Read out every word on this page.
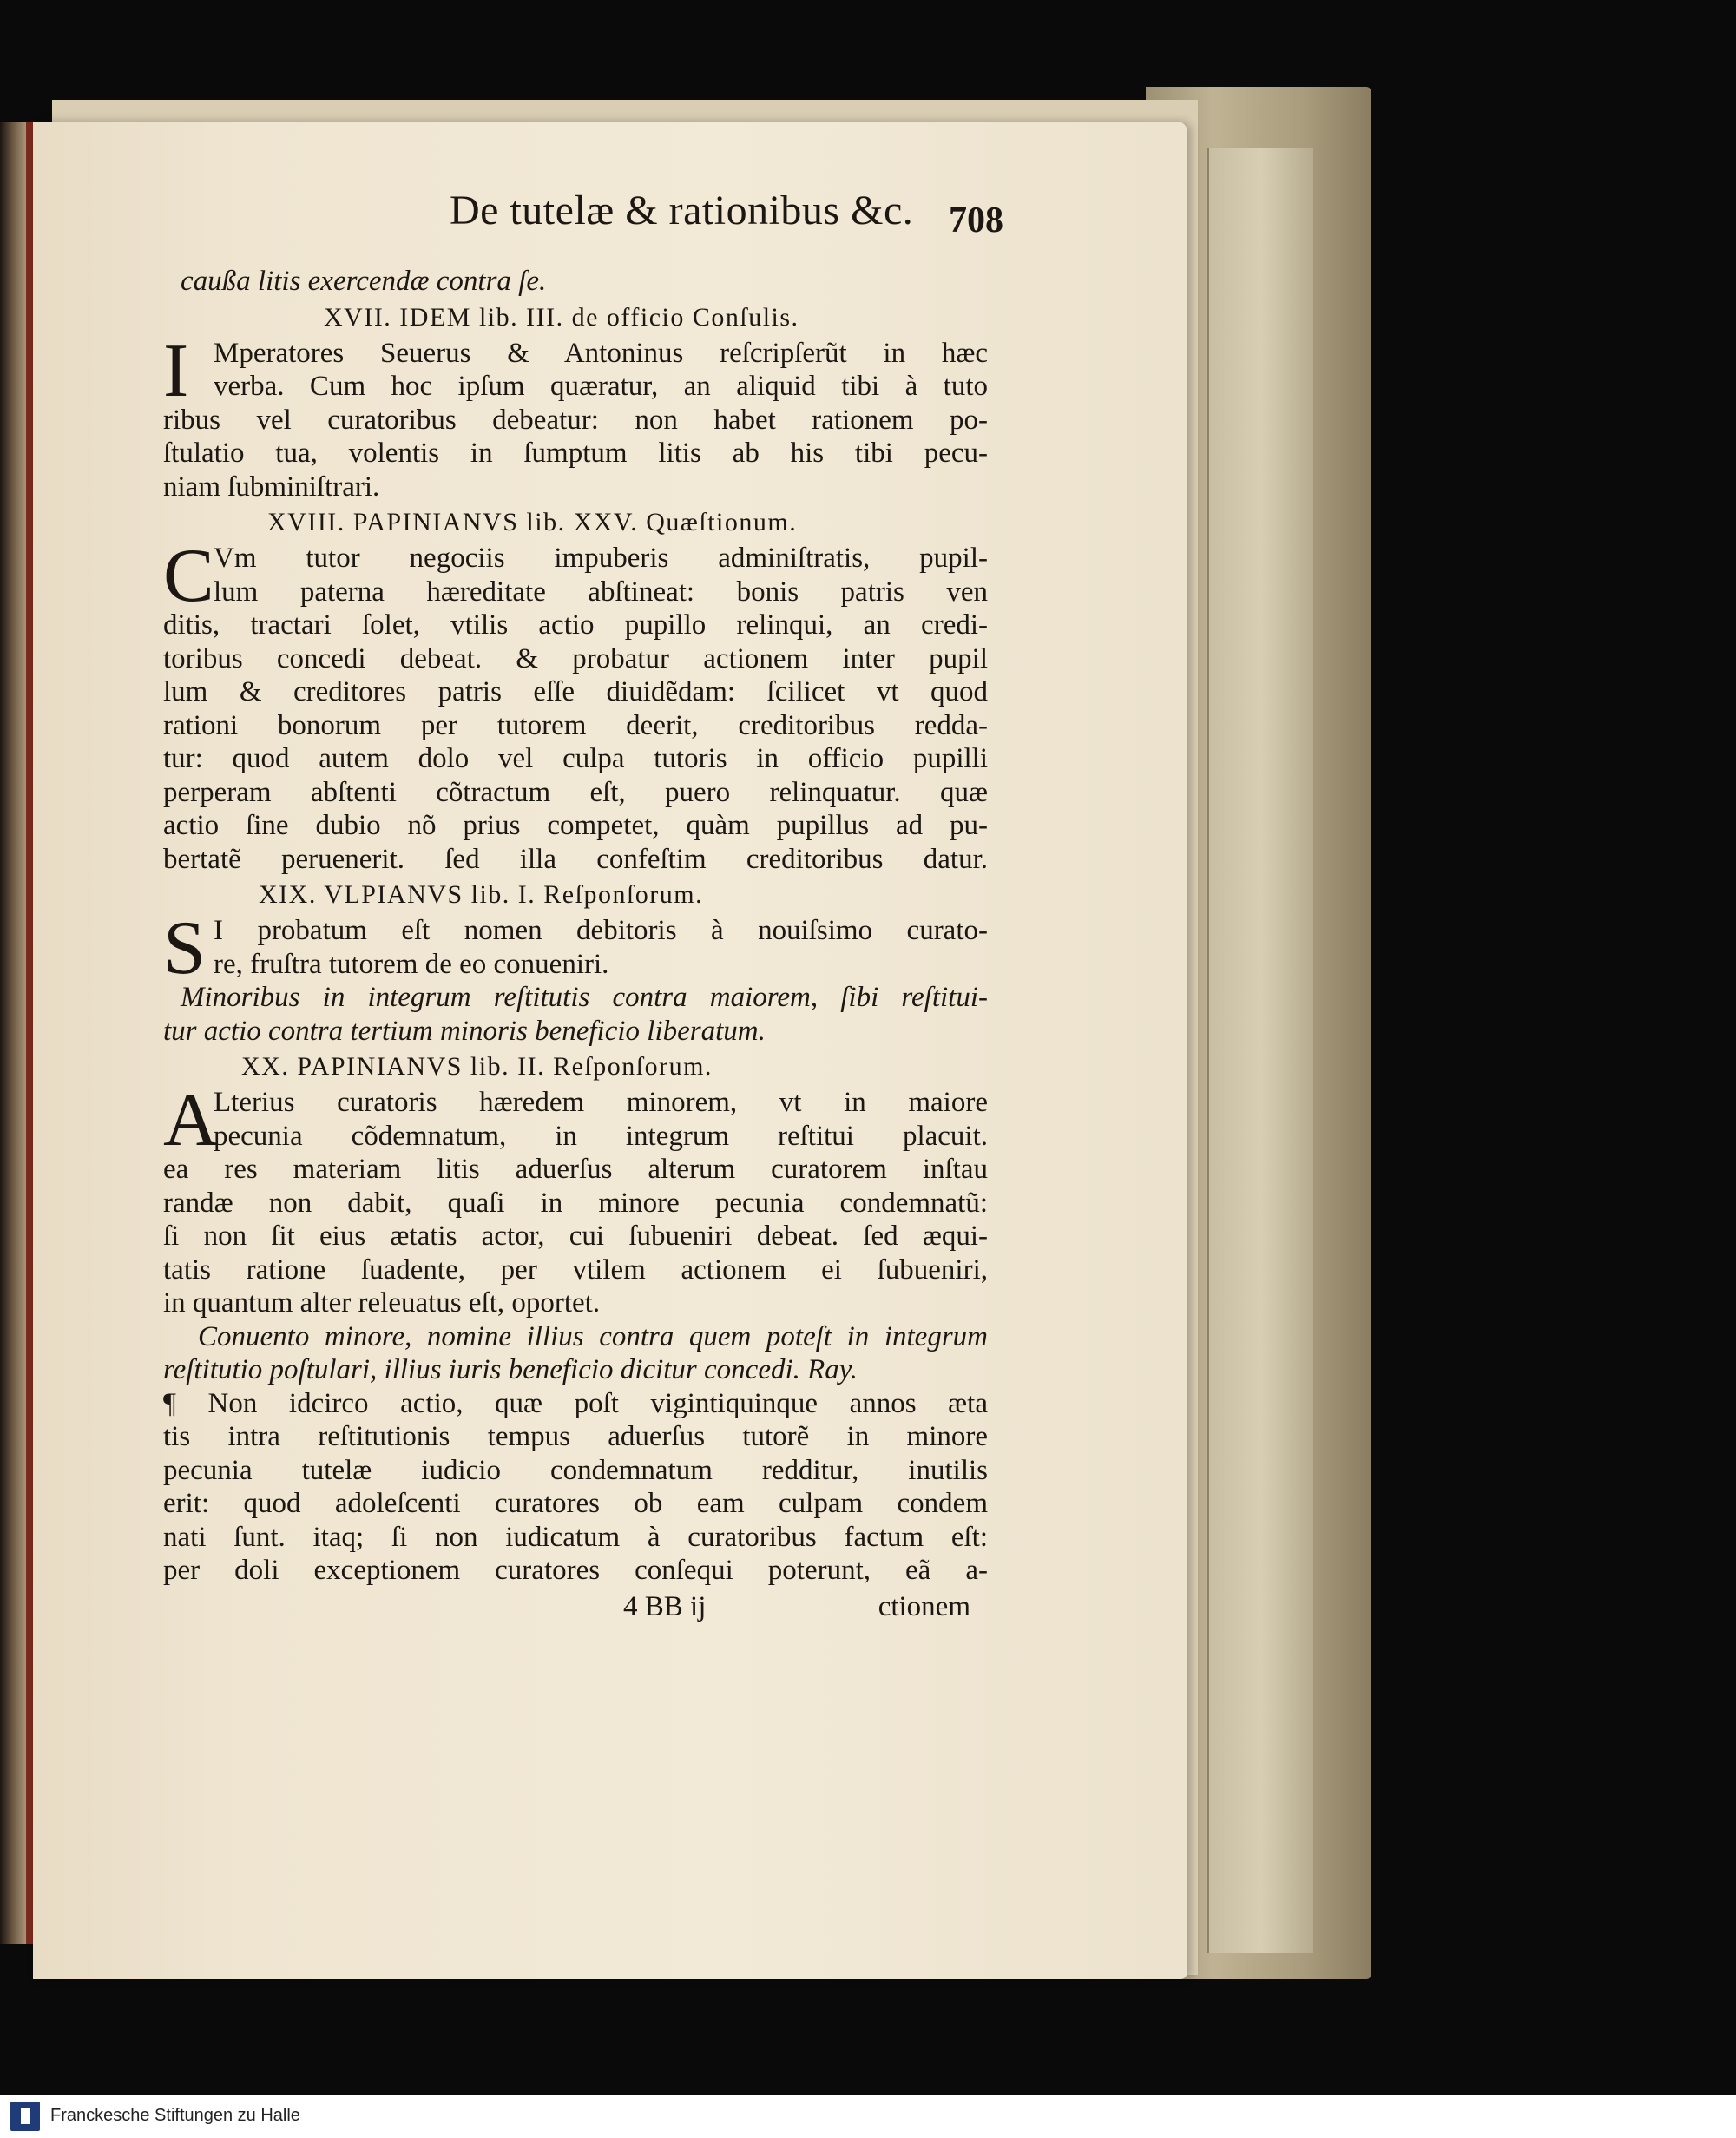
De tutelæ & rationibus &c. 708
caußa litis exercendæ contra ſe.
XVII. IDEM lib. III. de officio Conſulis.
I Mperatores Seuerus & Antoninus reſcripſerũt in hæc
verba. Cum hoc ipſum quæratur, an aliquid tibi à tuto
ribus vel curatoribus debeatur: non habet rationem po-
ſtulatio tua, volentis in ſumptum litis ab his tibi pecu-
niam ſubminiſtrari.
XVIII. PAPINIANVS lib. XXV. Quæſtionum.
C Vm tutor negociis impuberis adminiſtratis, pupil-
lum paterna hæreditate abſtineat: bonis patris ven
ditis, tractari ſolet, vtilis actio pupillo relinqui, an credi-
toribus concedi debeat. & probatur actionem inter pupil
lum & creditores patris eſſe diuidẽdam: ſcilicet vt quod
rationi bonorum per tutorem deerit, creditoribus redda-
tur: quod autem dolo vel culpa tutoris in officio pupilli
perperam abſtenti cõtractum eſt, puero relinquatur. quæ
actio ſine dubio nõ prius competet, quàm pupillus ad pu-
bertatẽ peruenerit. ſed illa confeſtim creditoribus datur.
XIX. VLPIANVS lib. I. Reſponſorum.
S I probatum eſt nomen debitoris à nouiſsimo curato-
re, fruſtra tutorem de eo conueniri.
Minoribus in integrum reſtitutis contra maiorem, ſibi reſtitui-
tur actio contra tertium minoris beneficio liberatum.
XX. PAPINIANVS lib. II. Reſponſorum.
A
Lterius curatoris hæredem minorem, vt in maiore
pecunia cõdemnatum, in integrum reſtitui placuit.
ea res materiam litis aduerſus alterum curatorem inſtau
randæ non dabit, quaſi in minore pecunia condemnatũ:
ſi non ſit eius ætatis actor, cui ſubueniri debeat. ſed æqui-
tatis ratione ſuadente, per vtilem actionem ei ſubueniri,
in quantum alter releuatus eſt, oportet.
Conuento minore, nomine illius contra quem poteſt in integrum
reſtitutio poſtulari, illius iuris beneficio dicitur concedi. Ray.
¶ Non idcirco actio, quæ poſt vigintiquinque annos æta
tis intra reſtitutionis tempus aduerſus tutorẽ in minore
pecunia tutelæ iudicio condemnatum redditur, inutilis
erit: quod adoleſcenti curatores ob eam culpam condem
nati ſunt. itaq; ſi non iudicatum à curatoribus factum eſt:
per doli exceptionem curatores conſequi poterunt, eã a-
4 BB ij	ctionem
Franckesche Stiftungen zu Halle
